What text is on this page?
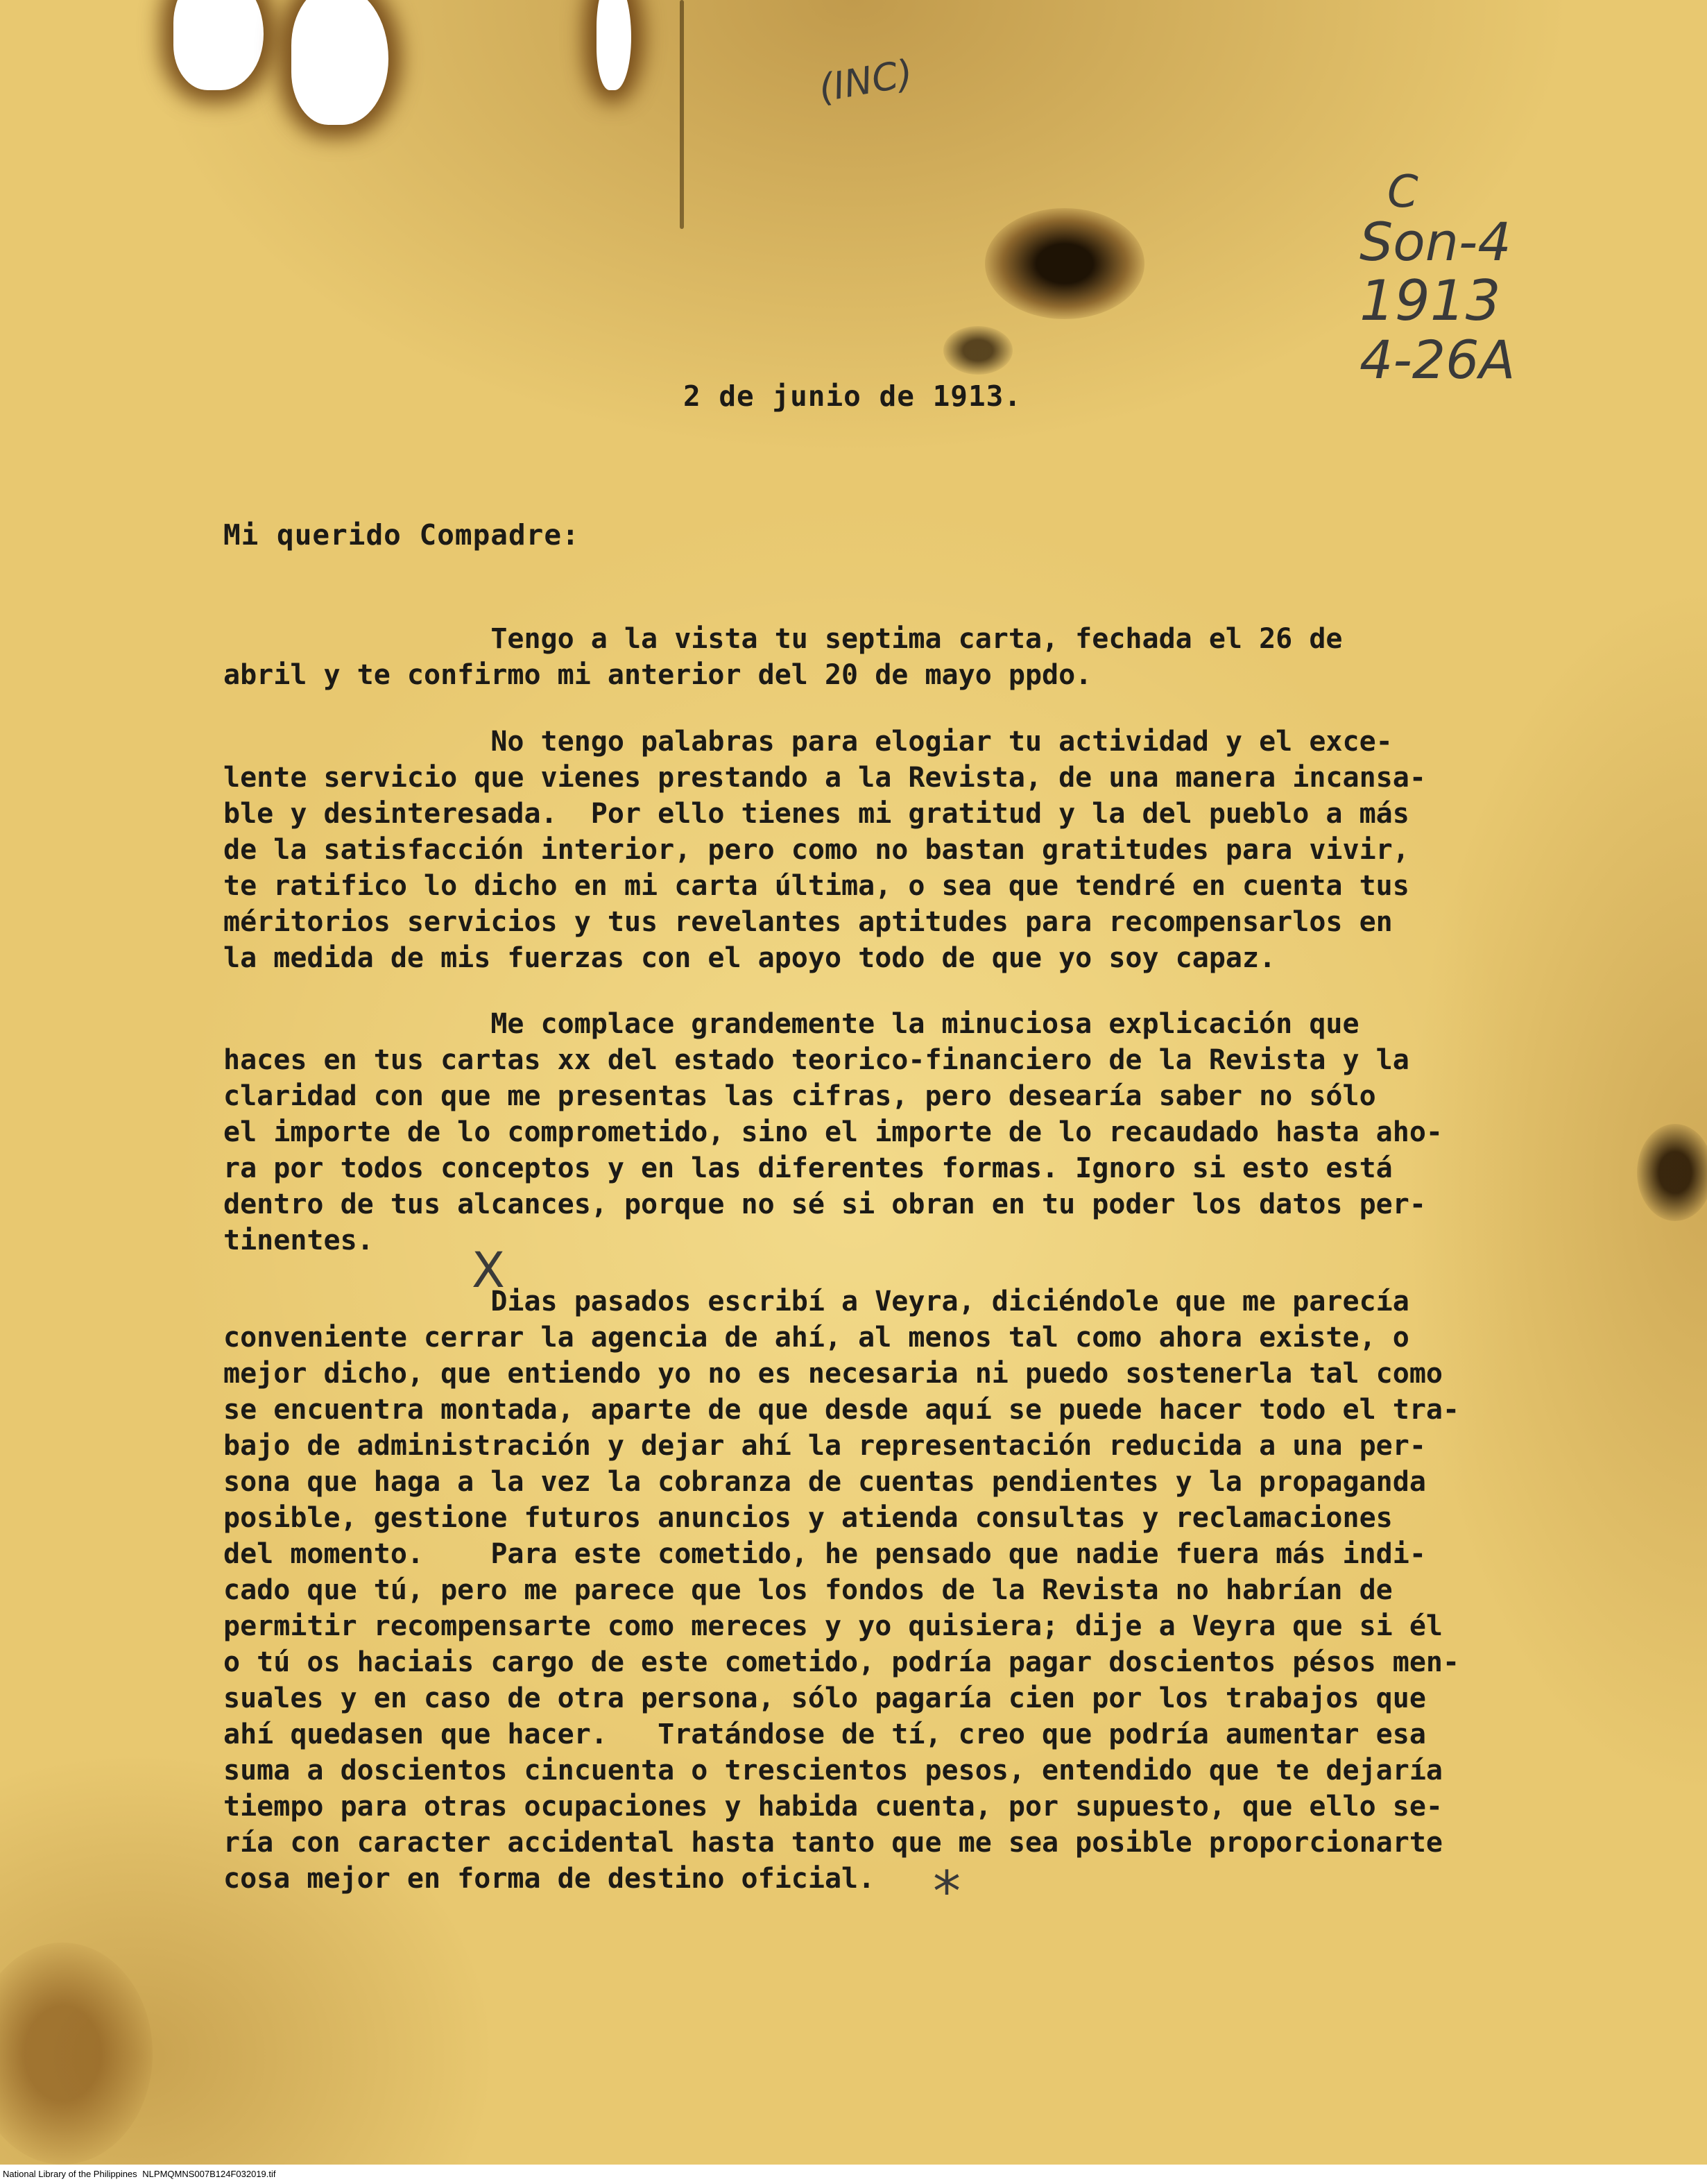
(INC)
C
Son-4
1913
4-26A
X
*
2 de junio de 1913.
Mi querido Compadre:
Tengo a la vista tu septima carta, fechada el 26 de
abril y te confirmo mi anterior del 20 de mayo ppdo.
No tengo palabras para elogiar tu actividad y el exce-
lente servicio que vienes prestando a la Revista, de una manera incansa-
ble y desinteresada.  Por ello tienes mi gratitud y la del pueblo a más
de la satisfacción interior, pero como no bastan gratitudes para vivir,
te ratifico lo dicho en mi carta última, o sea que tendré en cuenta tus
méritorios servicios y tus revelantes aptitudes para recompensarlos en
la medida de mis fuerzas con el apoyo todo de que yo soy capaz.
Me complace grandemente la minuciosa explicación que
haces en tus cartas xx del estado teorico-financiero de la Revista y la
claridad con que me presentas las cifras, pero desearía saber no sólo
el importe de lo comprometido, sino el importe de lo recaudado hasta aho-
ra por todos conceptos y en las diferentes formas. Ignoro si esto está
dentro de tus alcances, porque no sé si obran en tu poder los datos per-
tinentes.
Dias pasados escribí a Veyra, diciéndole que me parecía
conveniente cerrar la agencia de ahí, al menos tal como ahora existe, o
mejor dicho, que entiendo yo no es necesaria ni puedo sostenerla tal como
se encuentra montada, aparte de que desde aquí se puede hacer todo el tra-
bajo de administración y dejar ahí la representación reducida a una per-
sona que haga a la vez la cobranza de cuentas pendientes y la propaganda
posible, gestione futuros anuncios y atienda consultas y reclamaciones
del momento.    Para este cometido, he pensado que nadie fuera más indi-
cado que tú, pero me parece que los fondos de la Revista no habrían de
permitir recompensarte como mereces y yo quisiera; dije a Veyra que si él
o tú os haciais cargo de este cometido, podría pagar doscientos pésos men-
suales y en caso de otra persona, sólo pagaría cien por los trabajos que
ahí quedasen que hacer.   Tratándose de tí, creo que podría aumentar esa
suma a doscientos cincuenta o trescientos pesos, entendido que te dejaría
tiempo para otras ocupaciones y habida cuenta, por supuesto, que ello se-
ría con caracter accidental hasta tanto que me sea posible proporcionarte
cosa mejor en forma de destino oficial.
National Library of the Philippines NLPMQMNS007B124F032019.tif
